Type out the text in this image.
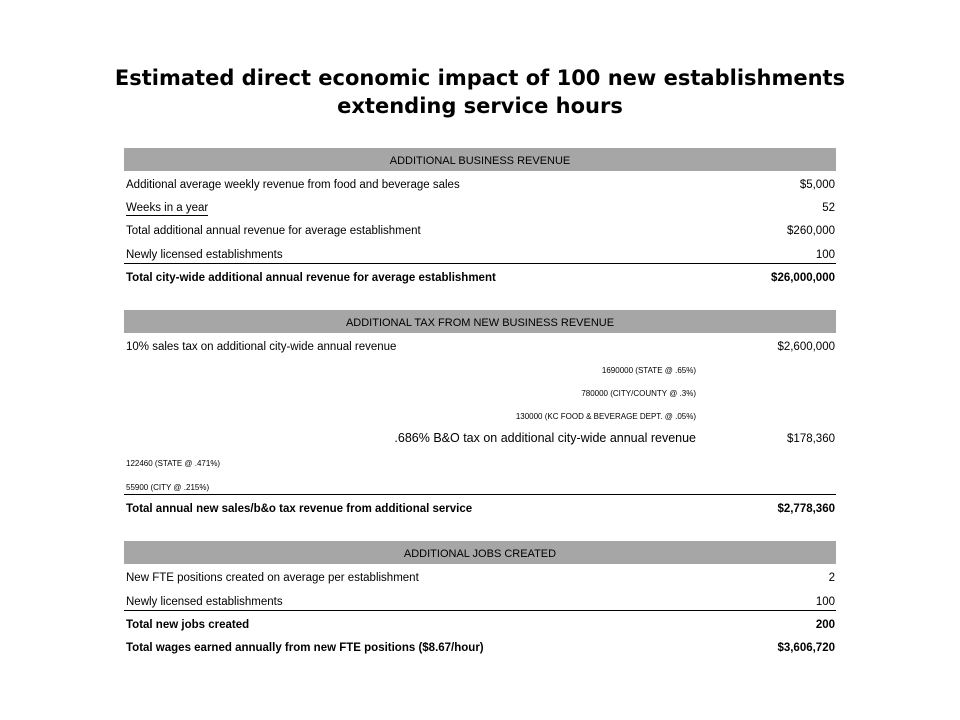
Estimated direct economic impact of 100 new establishments
extending service hours
ADDITIONAL BUSINESS REVENUE
Additional average weekly revenue from food and beverage sales	$5,000
Weeks in a year	52
Total additional annual revenue for average establishment	$260,000
Newly licensed establishments	100
Total city-wide additional annual revenue for average establishment	$26,000,000
ADDITIONAL TAX FROM NEW BUSINESS REVENUE
10% sales tax on additional city-wide annual revenue	$2,600,000
1690000 (STATE @ .65%)
780000 (CITY/COUNTY @ .3%)
130000 (KC FOOD & BEVERAGE DEPT. @ .05%)
.686% B&O tax on additional city-wide annual revenue	$178,360
122460 (STATE @ .471%)
55900 (CITY @ .215%)
Total annual new sales/b&o tax revenue from additional service	$2,778,360
ADDITIONAL JOBS CREATED
New FTE positions created on average per establishment	2
Newly licensed establishments	100
Total new jobs created	200
Total wages earned annually from new FTE positions ($8.67/hour)	$3,606,720
